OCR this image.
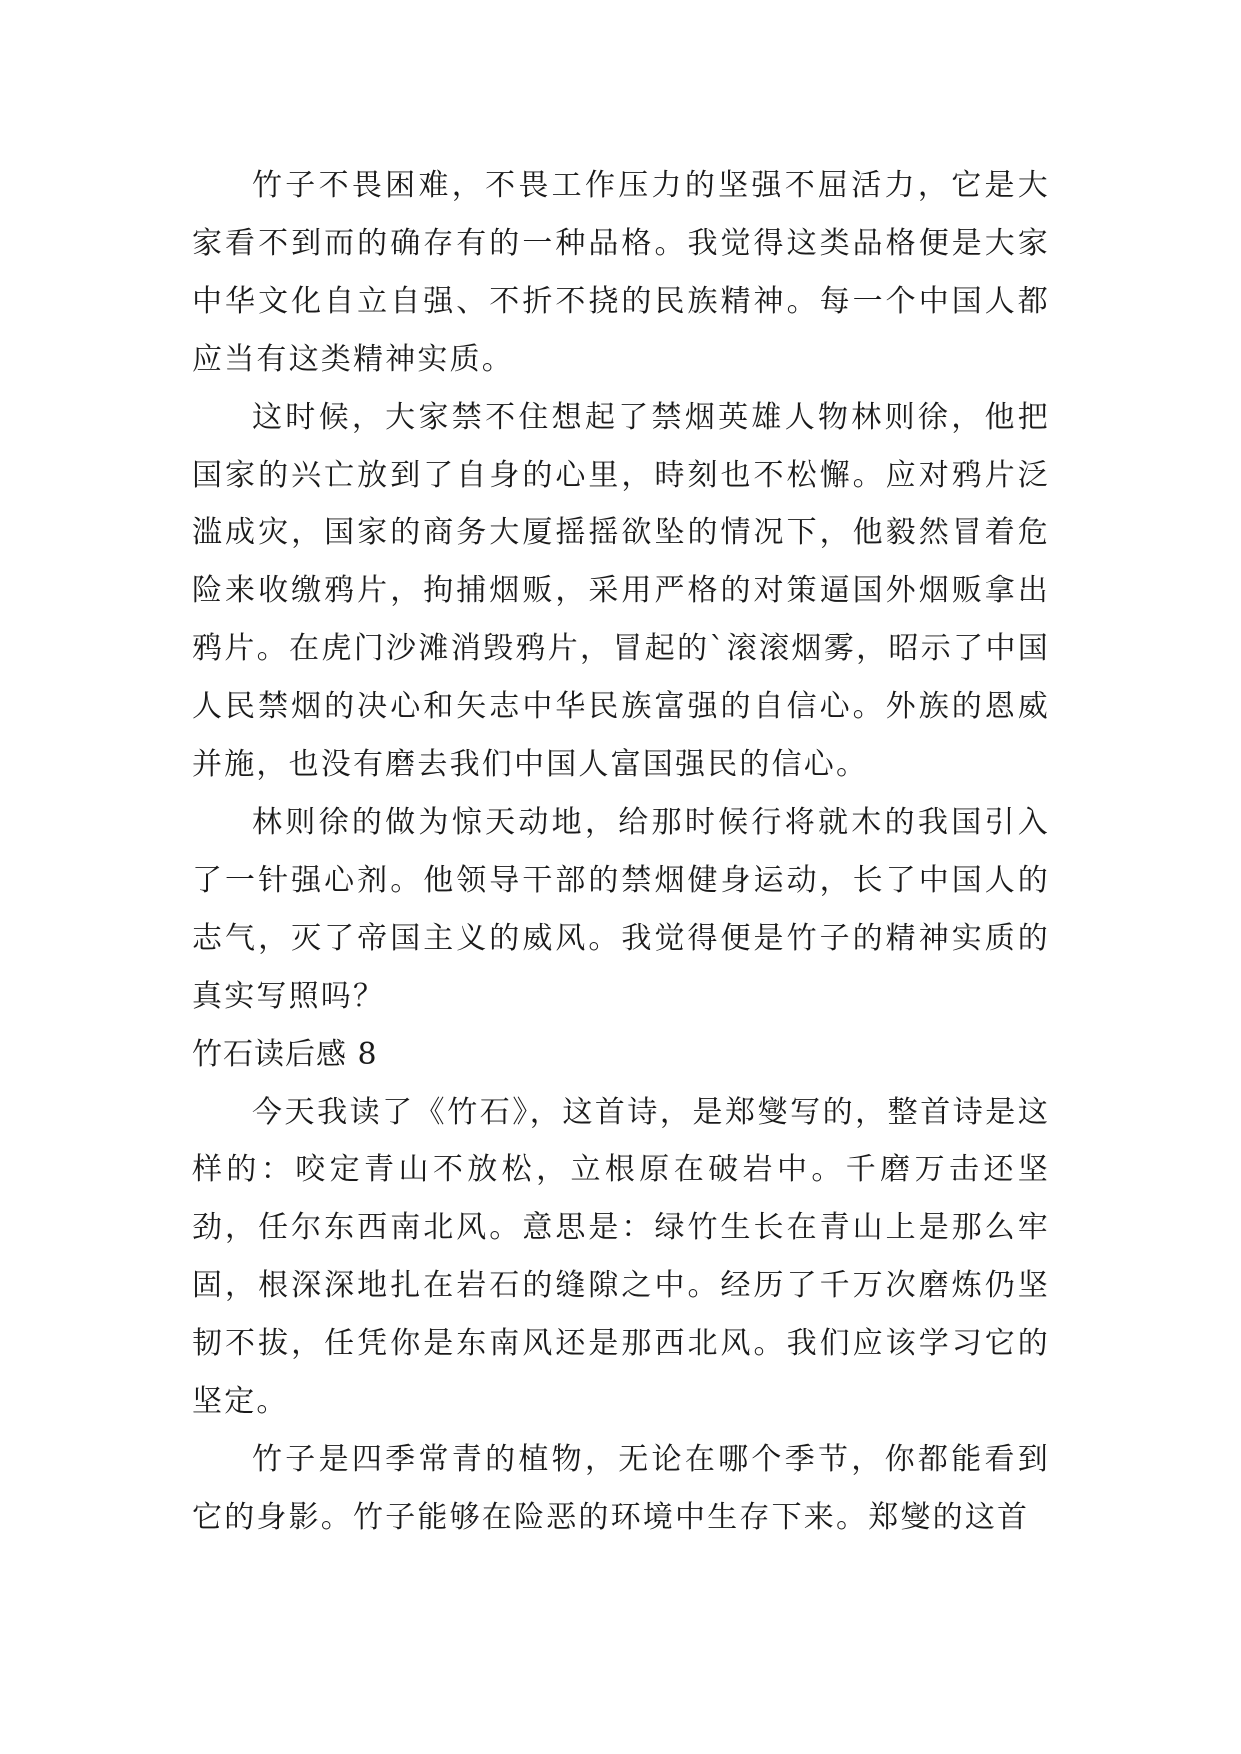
竹子不畏困难，不畏工作压力的坚强不屈活力，它是大家看不到而的确存有的一种品格。我觉得这类品格便是大家中华文化自立自强、不折不挠的民族精神。每一个中国人都应当有这类精神实质。

这时候，大家禁不住想起了禁烟英雄人物林则徐，他把国家的兴亡放到了自身的心里，時刻也不松懈。应对鸦片泛滥成灾，国家的商务大厦摇摇欲坠的情况下，他毅然冒着危险来收缴鸦片，拘捕烟贩，采用严格的对策逼国外烟贩拿出鸦片。在虎门沙滩消毁鸦片，冒起的`滚滚烟雾，昭示了中国人民禁烟的决心和矢志中华民族富强的自信心。外族的恩威并施，也没有磨去我们中国人富国强民的信心。

林则徐的做为惊天动地，给那时候行将就木的我国引入了一针强心剂。他领导干部的禁烟健身运动，长了中国人的志气，灭了帝国主义的威风。我觉得便是竹子的精神实质的真实写照吗？

竹石读后感 8

今天我读了《竹石》，这首诗，是郑燮写的，整首诗是这样的：咬定青山不放松，立根原在破岩中。千磨万击还坚劲，任尔东西南北风。意思是：绿竹生长在青山上是那么牢固，根深深地扎在岩石的缝隙之中。经历了千万次磨炼仍坚韧不拔，任凭你是东南风还是那西北风。我们应该学习它的坚定。

竹子是四季常青的植物，无论在哪个季节，你都能看到它的身影。竹子能够在险恶的环境中生存下来。郑燮的这首
